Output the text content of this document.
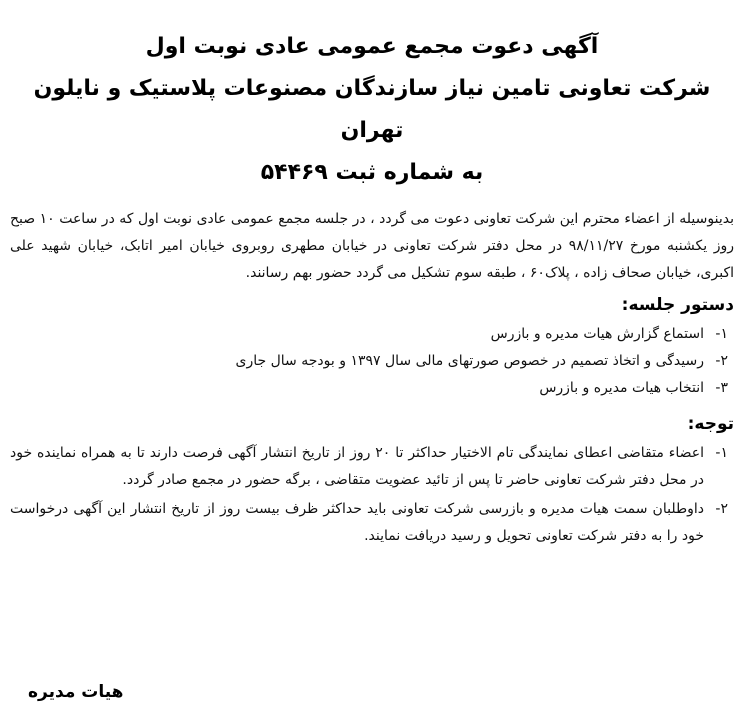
آگهی دعوت مجمع عمومی عادی نوبت اول

شرکت تعاونی تامین نیاز سازندگان مصنوعات پلاستیک و نایلون تهران

به شماره ثبت ۵۴۴۶۹

بدینوسیله از اعضاء محترم این شرکت تعاونی دعوت می گردد ، در جلسه مجمع عمومی عادی نوبت اول که در ساعت ۱۰ صبح روز یکشنبه مورخ ۹۸/۱۱/۲۷ در محل دفتر شرکت تعاونی در خیابان مطهری روبروی خیابان امیر اتابک، خیابان شهید علی اکبری، خیابان صحاف زاده ، پلاک۶۰ ، طبقه سوم تشکیل می گردد حضور بهم رسانند.

دستور جلسه:
۱-
استماع گزارش هیات مدیره و بازرس
۲-
رسیدگی و اتخاذ تصمیم در خصوص صورتهای مالی سال ۱۳۹۷ و بودجه سال جاری
۳-
انتخاب هیات مدیره و بازرس
توجه:
۱-
اعضاء متقاضی اعطای نمایندگی تام الاختیار حداکثر تا ۲۰ روز از تاریخ انتشار آگهی فرصت دارند تا به همراه نماینده خود در محل دفتر شرکت تعاونی حاضر تا پس از تائید عضویت متقاضی ، برگه حضور در مجمع صادر گردد.
۲-
داوطلبان سمت هیات مدیره و بازرسی شرکت تعاونی باید حداکثر ظرف بیست روز از تاریخ انتشار این آگهی درخواست خود را به دفتر شرکت تعاونی تحویل و رسید دریافت نمایند.
هیات مدیره
